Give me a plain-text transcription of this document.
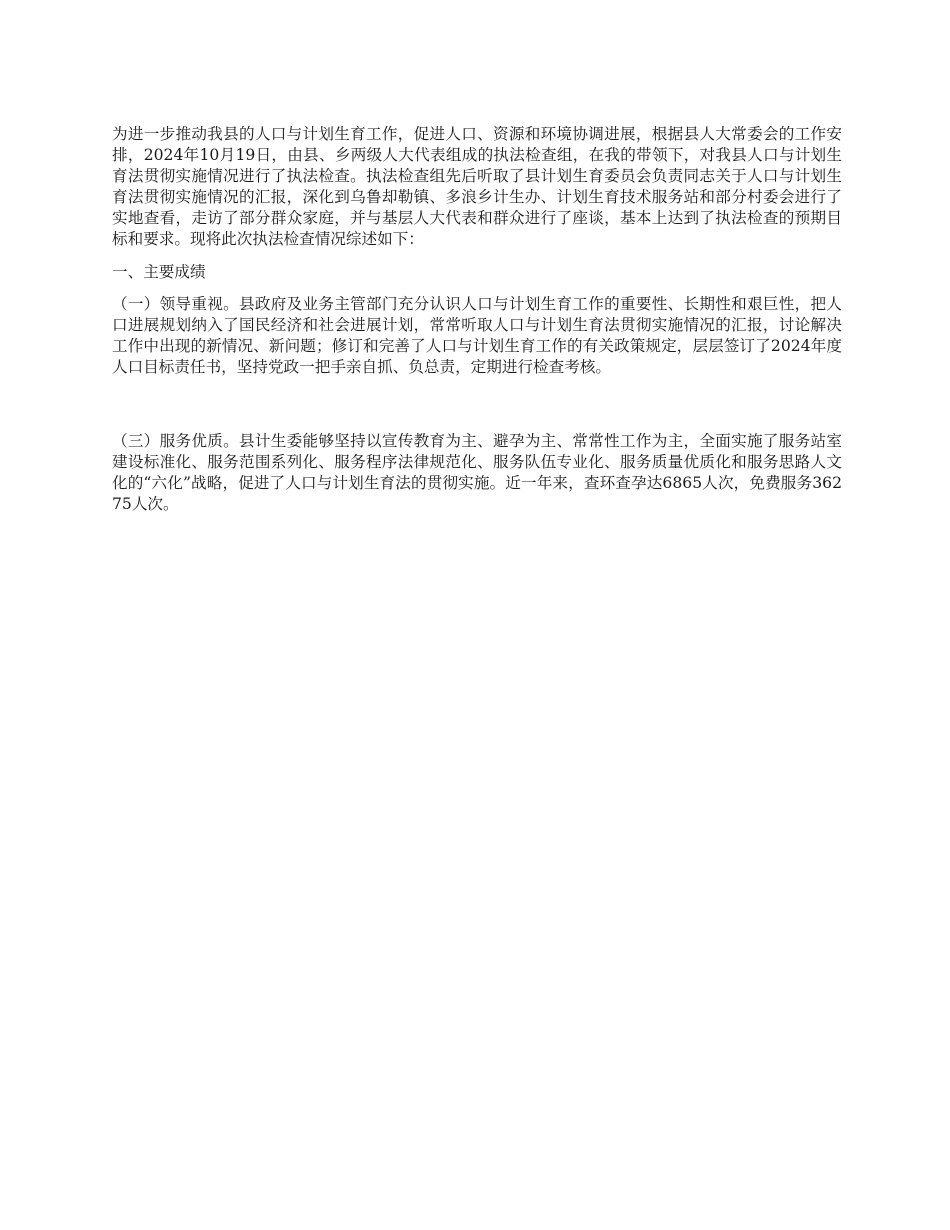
为进一步推动我县的人口与计划生育工作，促进人口、资源和环境协调进展，根据县人大常委会的工作安排，2024年10月19日，由县、乡两级人大代表组成的执法检查组，在我的带领下，对我县人口与计划生育法贯彻实施情况进行了执法检查。执法检查组先后听取了县计划生育委员会负责同志关于人口与计划生育法贯彻实施情况的汇报，深化到乌鲁却勒镇、多浪乡计生办、计划生育技术服务站和部分村委会进行了实地查看，走访了部分群众家庭，并与基层人大代表和群众进行了座谈，基本上达到了执法检查的预期目标和要求。现将此次执法检查情况综述如下：

一、主要成绩

（一）领导重视。县政府及业务主管部门充分认识人口与计划生育工作的重要性、长期性和艰巨性，把人口进展规划纳入了国民经济和社会进展计划，常常听取人口与计划生育法贯彻实施情况的汇报，讨论解决工作中出现的新情况、新问题；修订和完善了人口与计划生育工作的有关政策规定，层层签订了2024年度人口目标责任书，坚持党政一把手亲自抓、负总责，定期进行检查考核。

（三）服务优质。县计生委能够坚持以宣传教育为主、避孕为主、常常性工作为主，全面实施了服务站室建设标准化、服务范围系列化、服务程序法律规范化、服务队伍专业化、服务质量优质化和服务思路人文化的“六化”战略，促进了人口与计划生育法的贯彻实施。近一年来，查环查孕达6865人次，免费服务36275人次。
